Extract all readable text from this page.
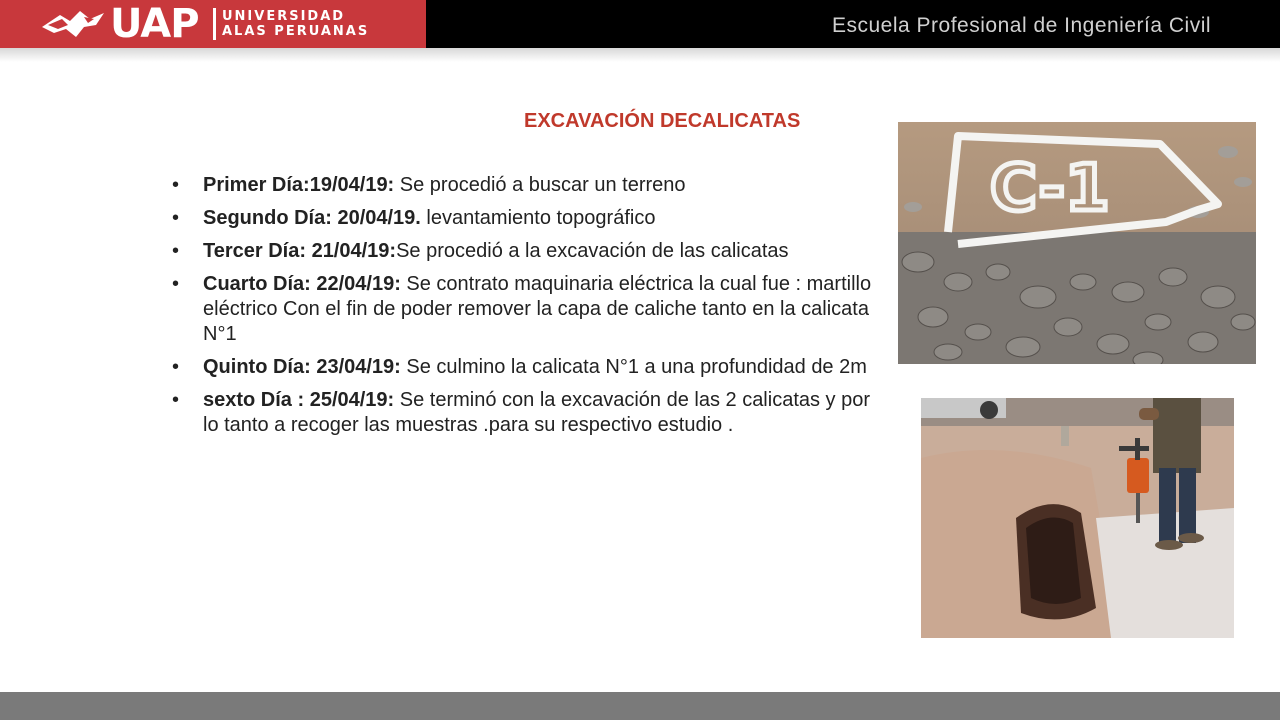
UAP UNIVERSIDAD
ALAS PERUANAS	Escuela Profesional de Ingeniería Civil
EXCAVACIÓN DECALICATAS
• Primer Día:19/04/19: Se procedió a buscar un terreno
• Segundo Día: 20/04/19. levantamiento topográfico
• Tercer Día: 21/04/19:Se procedió a la excavación de las calicatas
• Cuarto Día: 22/04/19: Se contrato maquinaria eléctrica la cual fue : martillo eléctrico Con el fin de poder remover la capa de caliche tanto en la calicata N°1
• Quinto Día: 23/04/19: Se culmino la calicata N°1 a una profundidad de 2m
• sexto Día : 25/04/19: Se terminó con la excavación de las 2 calicatas y por lo tanto a recoger las muestras .para su respectivo estudio .
C-1
